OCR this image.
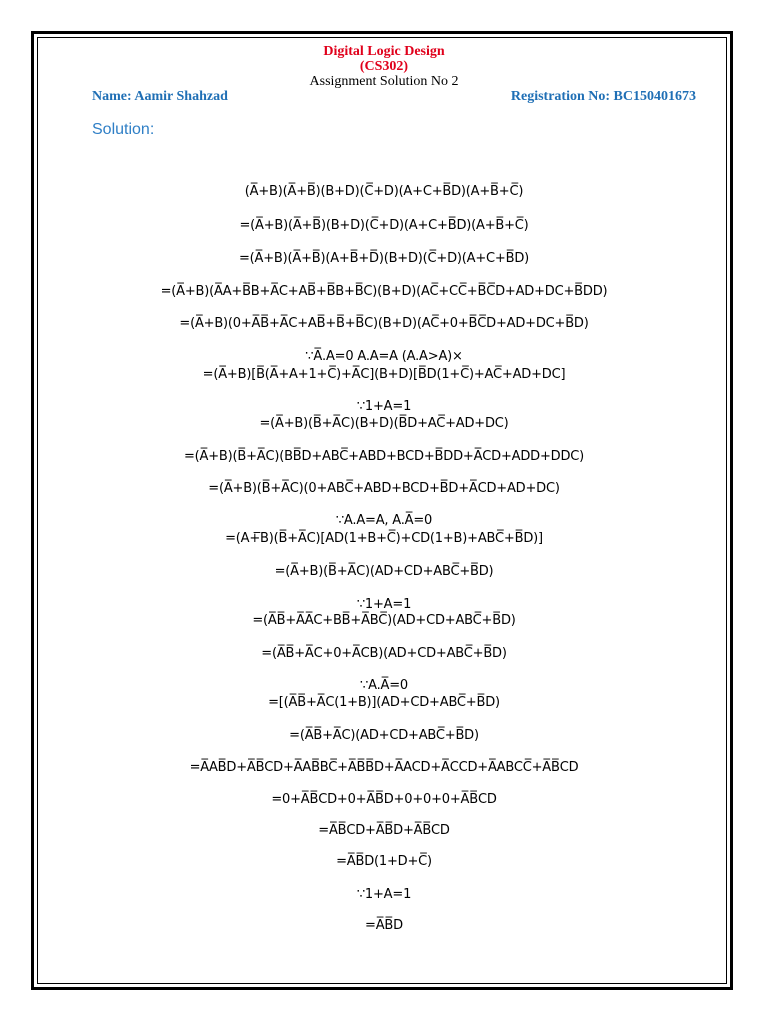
Digital Logic Design
(CS302)
Assignment Solution No 2
Name: Aamir Shahzad	Registration No: BC150401673
Solution:
(A̅+B)(A̅+B̅)(B+D)(C̅+D)(A+C+B̅D)(A+B̅+C̅)
=(A̅+B)(A̅+B̅)(B+D)(C̅+D)(A+C+B̅D)(A+B̅+C̅)
=(A̅+B)(A̅+B̅)(A+B̅+D̅)(B+D)(C̅+D)(A+C+B̅D)
=(A̅+B)(A̅A+B̅B+A̅C+AB̅+B̅B+B̅C)(B+D)(AC̅+CC̅+B̅C̅D+AD+DC+B̅DD)
=(A̅+B)(0+A̅B̅+A̅C+AB̅+B̅+B̅C)(B+D)(AC̅+0+B̅C̅D+AD+DC+B̅D)
∵A̅.A=0 A.A=A (A.A>A)×
=(A̅+B)[B̅(A̅+A+1+C̅)+A̅C](B+D)[B̅D(1+C̅)+AC̅+AD+DC]
∵1+A=1
=(A̅+B)(B̅+A̅C)(B+D)(B̅D+AC̅+AD+DC)
=(A̅+B)(B̅+A̅C)(BB̅D+ABC̅+ABD+BCD+B̅DD+A̅CD+ADD+DDC)
=(A̅+B)(B̅+A̅C)(0+ABC̅+ABD+BCD+B̅D+A̅CD+AD+DC)
∵A.A=A, A.A̅=0
=(A+̅B)(B̅+A̅C)[AD(1+B+C̅)+CD(1+B)+ABC̅+B̅D)]
=(A̅+B)(B̅+A̅C)(AD+CD+ABC̅+B̅D)
∵1+A=1
=(A̅B̅+A̅A̅C+BB̅+A̅BC̅)(AD+CD+ABC̅+B̅D)
=(A̅B̅+A̅C+0+A̅CB)(AD+CD+ABC̅+B̅D)
∵A.A̅=0
=[(A̅B̅+A̅C(1+B)](AD+CD+ABC̅+B̅D)
=(A̅B̅+A̅C)(AD+CD+ABC̅+B̅D)
=A̅AB̅D+A̅B̅CD+A̅AB̅BC̅+A̅B̅B̅D+A̅ACD+A̅CCD+A̅ABCC̅+A̅B̅CD
=0+A̅B̅CD+0+A̅B̅D+0+0+0+A̅B̅CD
=A̅B̅CD+A̅B̅D+A̅B̅CD
=A̅B̅D(1+D+C̅)
∵1+A=1
=A̅B̅D
